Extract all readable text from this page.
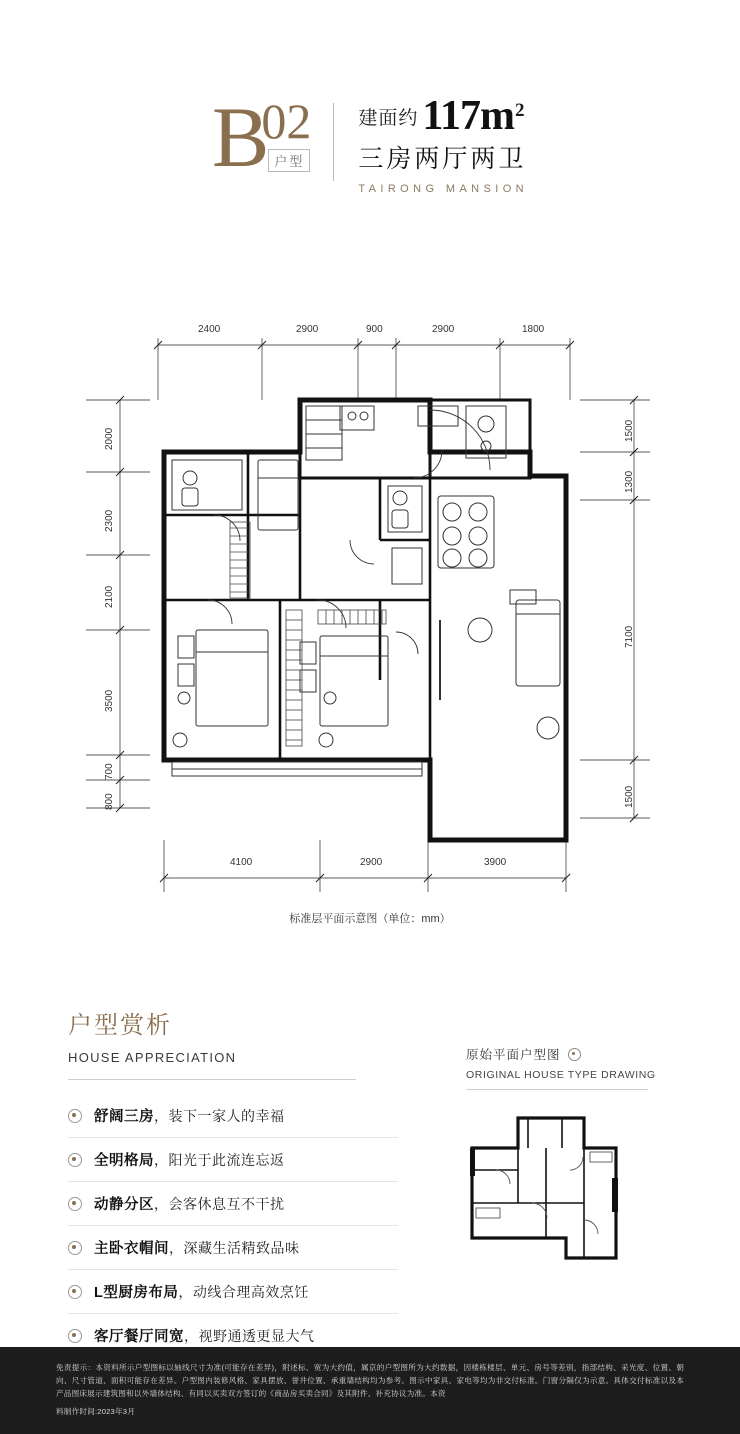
B
02
户型
建面约 117m 2
三房两厅两卫
TAIRONG MANSION
2400	2900	900	2900	1800
4100	2900	3900
2000
2300
2100
3500
700
800
1500
1300
7100
1500
标准层平面示意图（单位：mm）
户型赏析
HOUSE APPRECIATION
舒阔三房 ，装下一家人的幸福
全明格局 ，阳光于此流连忘返
动静分区 ，会客休息互不干扰
主卧衣帽间 ，深藏生活精致品味
L型厨房布局 ，动线合理高效烹饪
客厅餐厅同宽 ，视野通透更显大气
原始平面户型图
ORIGINAL HOUSE TYPE DRAWING

免责提示：本资料所示户型图标以轴线尺寸为准(可能存在差异)，附述标、宽为大约值，属京的户型图所为大约数据，因楼栋楼层、单元、房号等差别，指部结构、采光度、位置、朝向、尺寸管道、面积可能存在差异。户型图内装修风格、家具摆放、誉井位置、承重墙结构均为参考。图示中家具、家电等均为非交付标准。门窗分隔仅为示意。具体交付标准以及本产品图床展示建筑图和以外墙体结构、有同以买卖双方签订的《商品房买卖合同》及其附件、补充协议为准。本资

料制作时间:2023年3月
